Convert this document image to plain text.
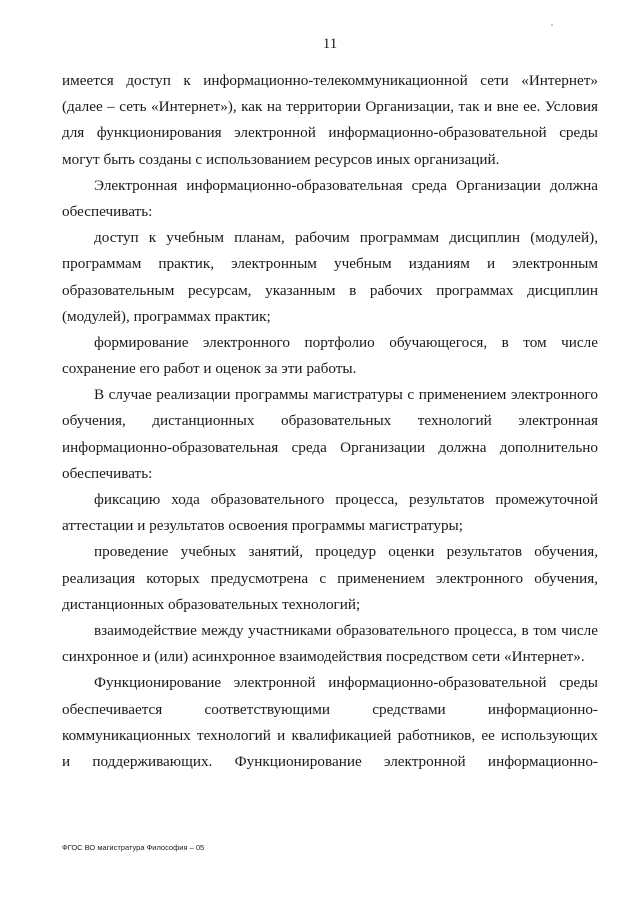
11
имеется доступ к информационно-телекоммуникационной сети «Интернет»
(далее – сеть «Интернет»), как на территории Организации, так и вне ее. Условия
для функционирования электронной информационно-образовательной среды
могут быть созданы с использованием ресурсов иных организаций.
Электронная информационно-образовательная среда Организации должна
обеспечивать:
доступ к учебным планам, рабочим программам дисциплин (модулей),
программам практик, электронным учебным изданиям и электронным
образовательным ресурсам, указанным в рабочих программах дисциплин
(модулей), программах практик;
формирование электронного портфолио обучающегося, в том числе
сохранение его работ и оценок за эти работы.
В случае реализации программы магистратуры с применением электронного
обучения, дистанционных образовательных технологий электронная
информационно-образовательная среда Организации должна дополнительно
обеспечивать:
фиксацию хода образовательного процесса, результатов промежуточной
аттестации и результатов освоения программы магистратуры;
проведение учебных занятий, процедур оценки результатов обучения,
реализация которых предусмотрена с применением электронного обучения,
дистанционных образовательных технологий;
взаимодействие между участниками образовательного процесса, в том числе
синхронное и (или) асинхронное взаимодействия посредством сети «Интернет».
Функционирование электронной информационно-образовательной среды
обеспечивается соответствующими средствами информационно-
коммуникационных технологий и квалификацией работников, ее использующих
и поддерживающих. Функционирование электронной информационно-
ФГОС ВО магистратура Философия – 05
